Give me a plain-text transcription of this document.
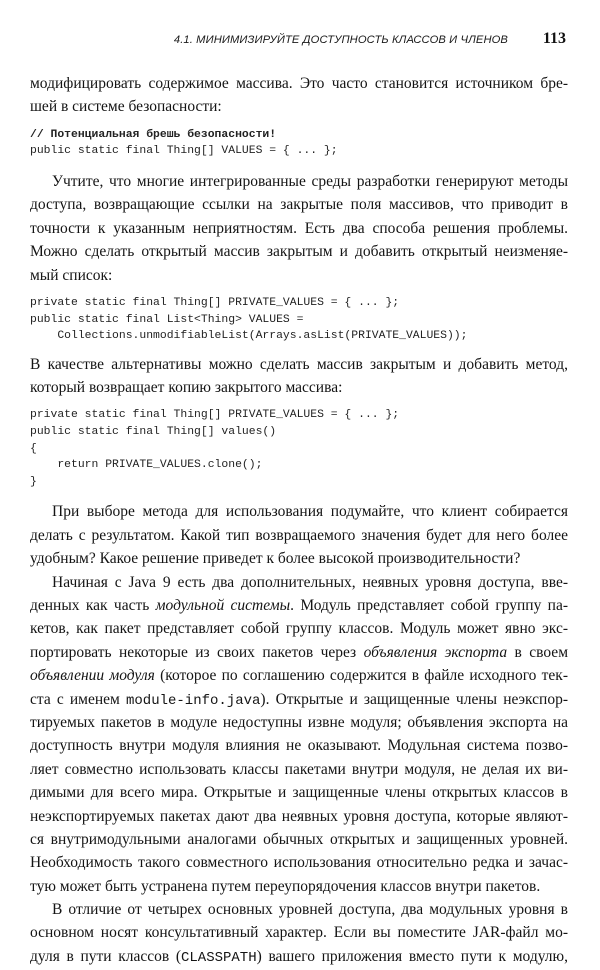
4.1. МИНИМИЗИРУЙТЕ ДОСТУПНОСТЬ КЛАССОВ И ЧЛЕНОВ 113
модифицировать содержимое массива. Это часто становится источником бре-
шей в системе безопасности:
// Потенциальная брешь безопасности!
public static final Thing[] VALUES = { ... };
Учтите, что многие интегрированные среды разработки генерируют методы
доступа, возвращающие ссылки на закрытые поля массивов, что приводит в
точности к указанным неприятностям. Есть два способа решения проблемы.
Можно сделать открытый массив закрытым и добавить открытый неизменяе-
мый список:
private static final Thing[] PRIVATE_VALUES = { ... };
public static final List<Thing> VALUES =
Collections.unmodifiableList(Arrays.asList(PRIVATE_VALUES));
В качестве альтернативы можно сделать массив закрытым и добавить метод,
который возвращает копию закрытого массива:
private static final Thing[] PRIVATE_VALUES = { ... };
public static final Thing[] values()
{
return PRIVATE_VALUES.clone();
}
При выборе метода для использования подумайте, что клиент собирается
делать с результатом. Какой тип возвращаемого значения будет для него более
удобным? Какое решение приведет к более высокой производительности?
Начиная с Java 9 есть два дополнительных, неявных уровня доступа, вве-
денных как часть модульной системы. Модуль представляет собой группу па-
кетов, как пакет представляет собой группу классов. Модуль может явно экс-
портировать некоторые из своих пакетов через объявления экспорта в своем
объявлении модуля (которое по соглашению содержится в файле исходного тек-
ста с именем module-info.java). Открытые и защищенные члены неэкспор-
тируемых пакетов в модуле недоступны извне модуля; объявления экспорта на
доступность внутри модуля влияния не оказывают. Модульная система позво-
ляет совместно использовать классы пакетами внутри модуля, не делая их ви-
димыми для всего мира. Открытые и защищенные члены открытых классов в
неэкспортируемых пакетах дают два неявных уровня доступа, которые являют-
ся внутримодульными аналогами обычных открытых и защищенных уровней.
Необходимость такого совместного использования относительно редка и зачас-
тую может быть устранена путем переупорядочения классов внутри пакетов.
В отличие от четырех основных уровней доступа, два модульных уровня в
основном носят консультативный характер. Если вы поместите JAR-файл мо-
дуля в пути классов (CLASSPATH) вашего приложения вместо пути к модулю,
